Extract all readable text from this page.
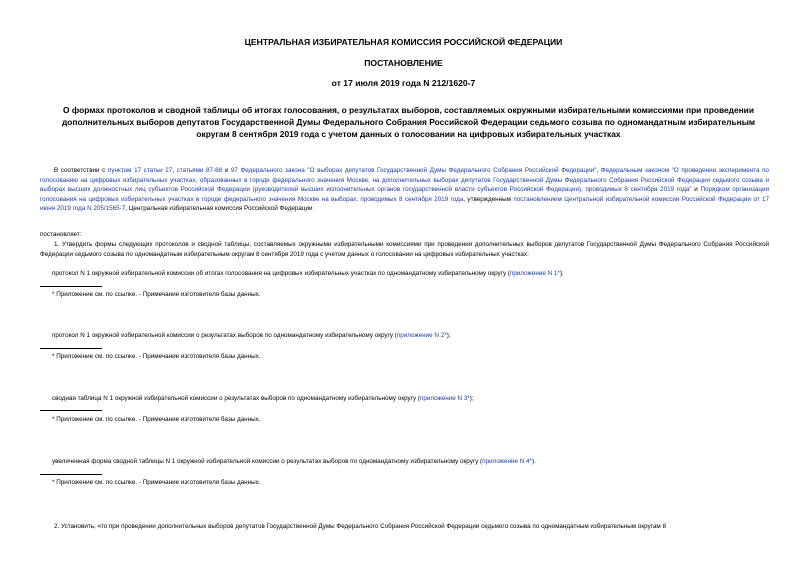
ЦЕНТРАЛЬНАЯ ИЗБИРАТЕЛЬНАЯ КОМИССИЯ РОССИЙСКОЙ ФЕДЕРАЦИИ
ПОСТАНОВЛЕНИЕ
от 17 июля 2019 года N 212/1620-7
О формах протоколов и сводной таблицы об итогах голосования, о результатах выборов, составляемых окружными избирательными комиссиями при проведении дополнительных выборов депутатов Государственной Думы Федерального Собрания Российской Федерации седьмого созыва по одномандатным избирательным округам 8 сентября 2019 года с учетом данных о голосовании на цифровых избирательных участках
В соответствии с пунктом 17 статьи 27, статьями 87-88 и 97 Федерального закона "О выборах депутатов Государственной Думы Федерального Собрания Российской Федерации", Федеральным законом "О проведении эксперимента по голосованию на цифровых избирательных участках, образованных в городе федерального значения Москве, на дополнительных выборах депутатов Государственной Думы Федерального Собрания Российской Федерации седьмого созыва и выборах высших должностных лиц субъектов Российской Федерации (руководителей высших исполнительных органов государственной власти субъектов Российской Федерации), проводимых 8 сентября 2019 года" и Порядком организации голосования на цифровых избирательных участках в городе федерального значения Москве на выборах, проводимых 8 сентября 2019 года, утвержденным постановлением Центральной избирательной комиссии Российской Федерации от 17 июня 2019 года N 205/1565-7, Центральная избирательная комиссия Российской Федерации
постановляет:
1. Утвердить формы следующих протоколов и сводной таблицы, составляемых окружными избирательными комиссиями при проведении дополнительных выборов депутатов Государственной Думы Федерального Собрания Российской Федерации седьмого созыва по одномандатным избирательным округам 8 сентября 2019 года с учетом данных о голосовании на цифровых избирательных участках:
протокол N 1 окружной избирательной комиссии об итогах голосования на цифровых избирательных участках по одномандатному избирательному округу (приложение N 1*);
* Приложение см. по ссылке. - Примечание изготовителя базы данных.
протокол N 1 окружной избирательной комиссии о результатах выборов по одномандатному избирательному округу (приложение N 2*);
* Приложение см. по ссылке. - Примечание изготовителя базы данных.
сводная таблица N 1 окружной избирательной комиссии о результатах выборов по одномандатному избирательному округу (приложение N 3*);
* Приложение см. по ссылке. - Примечание изготовителя базы данных.
увеличенная форма сводной таблицы N 1 окружной избирательной комиссии о результатах выборов по одномандатному избирательному округу (приложение N 4*).
* Приложение см. по ссылке. - Примечание изготовителя базы данных.
2. Установить, что при проведении дополнительных выборов депутатов Государственной Думы Федерального Собрания Российской Федерации седьмого созыва по одномандатным избирательным округам 8
